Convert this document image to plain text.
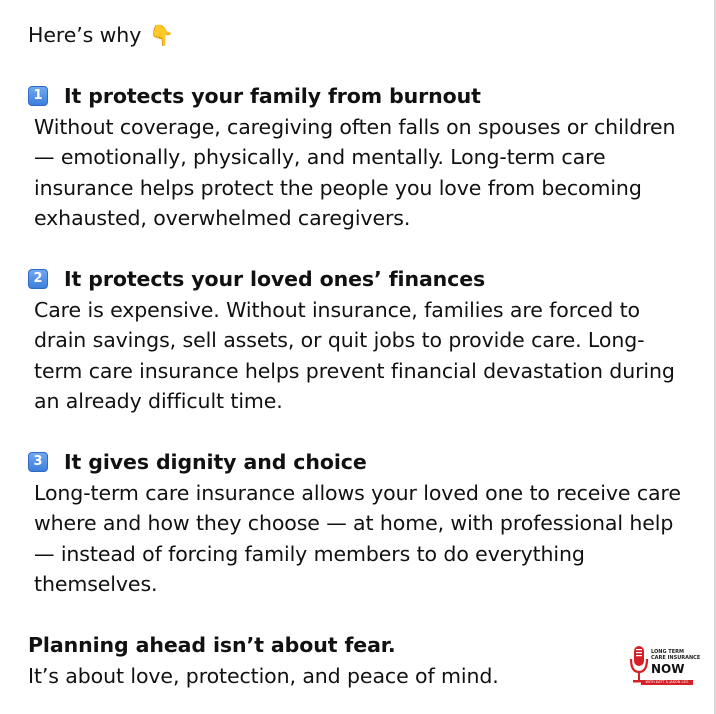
Here’s why 👇
1 It protects your family from burnout
Without coverage, caregiving often falls on spouses or children — emotionally, physically, and mentally. Long-term care insurance helps protect the people you love from becoming exhausted, overwhelmed caregivers.
2 It protects your loved ones’ finances
Care is expensive. Without insurance, families are forced to drain savings, sell assets, or quit jobs to provide care. Long-term care insurance helps prevent financial devastation during an already difficult time.
3 It gives dignity and choice
Long-term care insurance allows your loved one to receive care where and how they choose — at home, with professional help — instead of forcing family members to do everything themselves.
Planning ahead isn’t about fear.
It’s about love, protection, and peace of mind.
LONG TERM
CARE INSURANCE
NOW
WITH KATT & JASON LEO
